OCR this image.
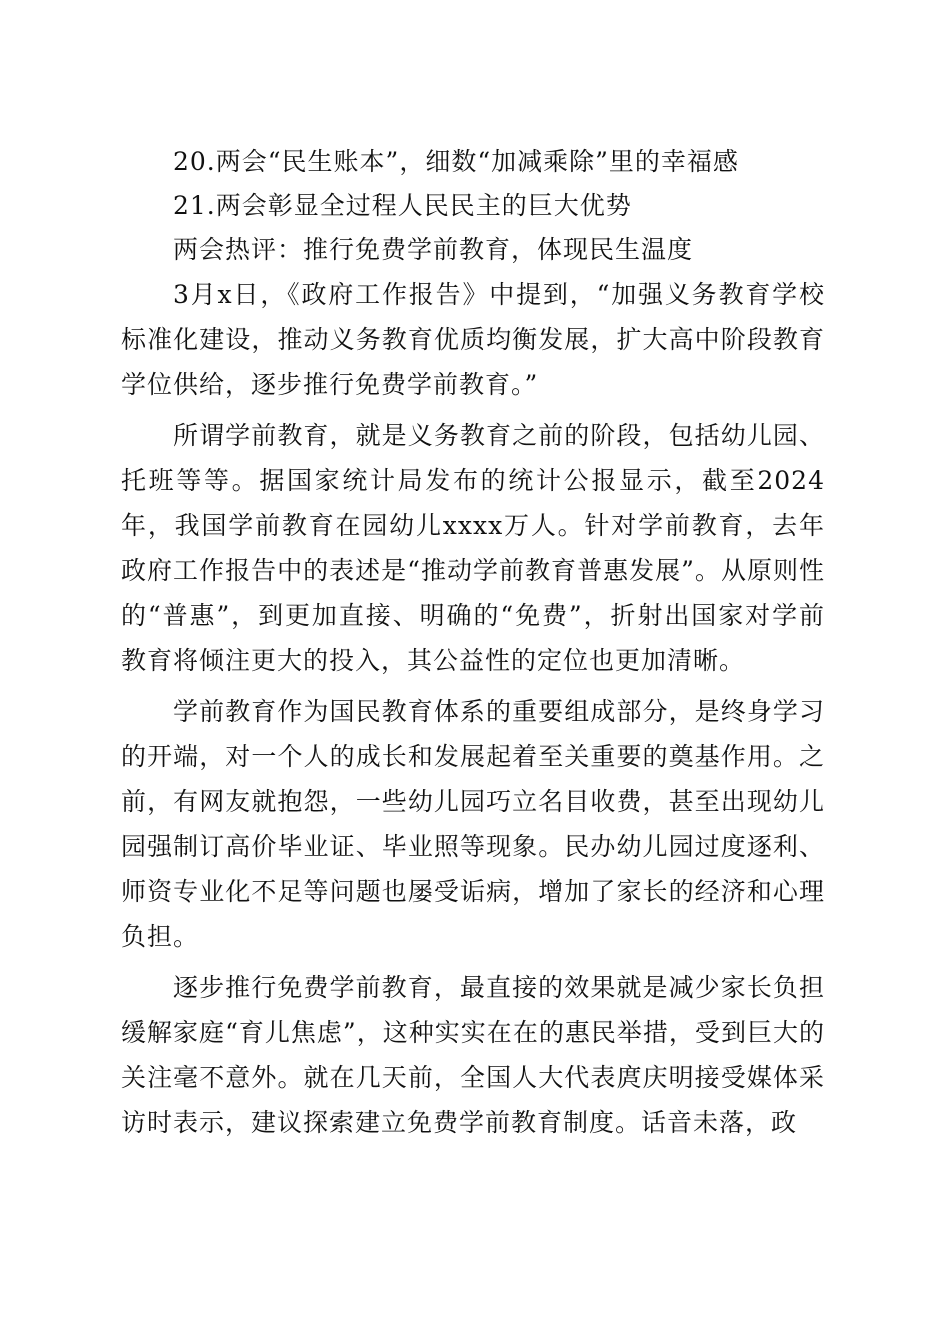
20.两会“民生账本”，细数“加减乘除”里的幸福感
21.两会彰显全过程人民民主的巨大优势
两会热评：推行免费学前教育，体现民生温度

3月x日，《政府工作报告》中提到，“加强义务教育学校标准化建设，推动义务教育优质均衡发展，扩大高中阶段教育学位供给，逐步推行免费学前教育。”

所谓学前教育，就是义务教育之前的阶段，包括幼儿园、托班等等。据国家统计局发布的统计公报显示，截至2024年，我国学前教育在园幼儿xxxx万人。针对学前教育，去年政府工作报告中的表述是“推动学前教育普惠发展”。从原则性的“普惠”，到更加直接、明确的“免费”，折射出国家对学前教育将倾注更大的投入，其公益性的定位也更加清晰。

学前教育作为国民教育体系的重要组成部分，是终身学习的开端，对一个人的成长和发展起着至关重要的奠基作用。之前，有网友就抱怨，一些幼儿园巧立名目收费，甚至出现幼儿园强制订高价毕业证、毕业照等现象。民办幼儿园过度逐利、师资专业化不足等问题也屡受诟病，增加了家长的经济和心理负担。

逐步推行免费学前教育，最直接的效果就是减少家长负担缓解家庭“育儿焦虑”，这种实实在在的惠民举措，受到巨大的关注毫不意外。就在几天前，全国人大代表庹庆明接受媒体采访时表示，建议探索建立免费学前教育制度。话音未落，政
